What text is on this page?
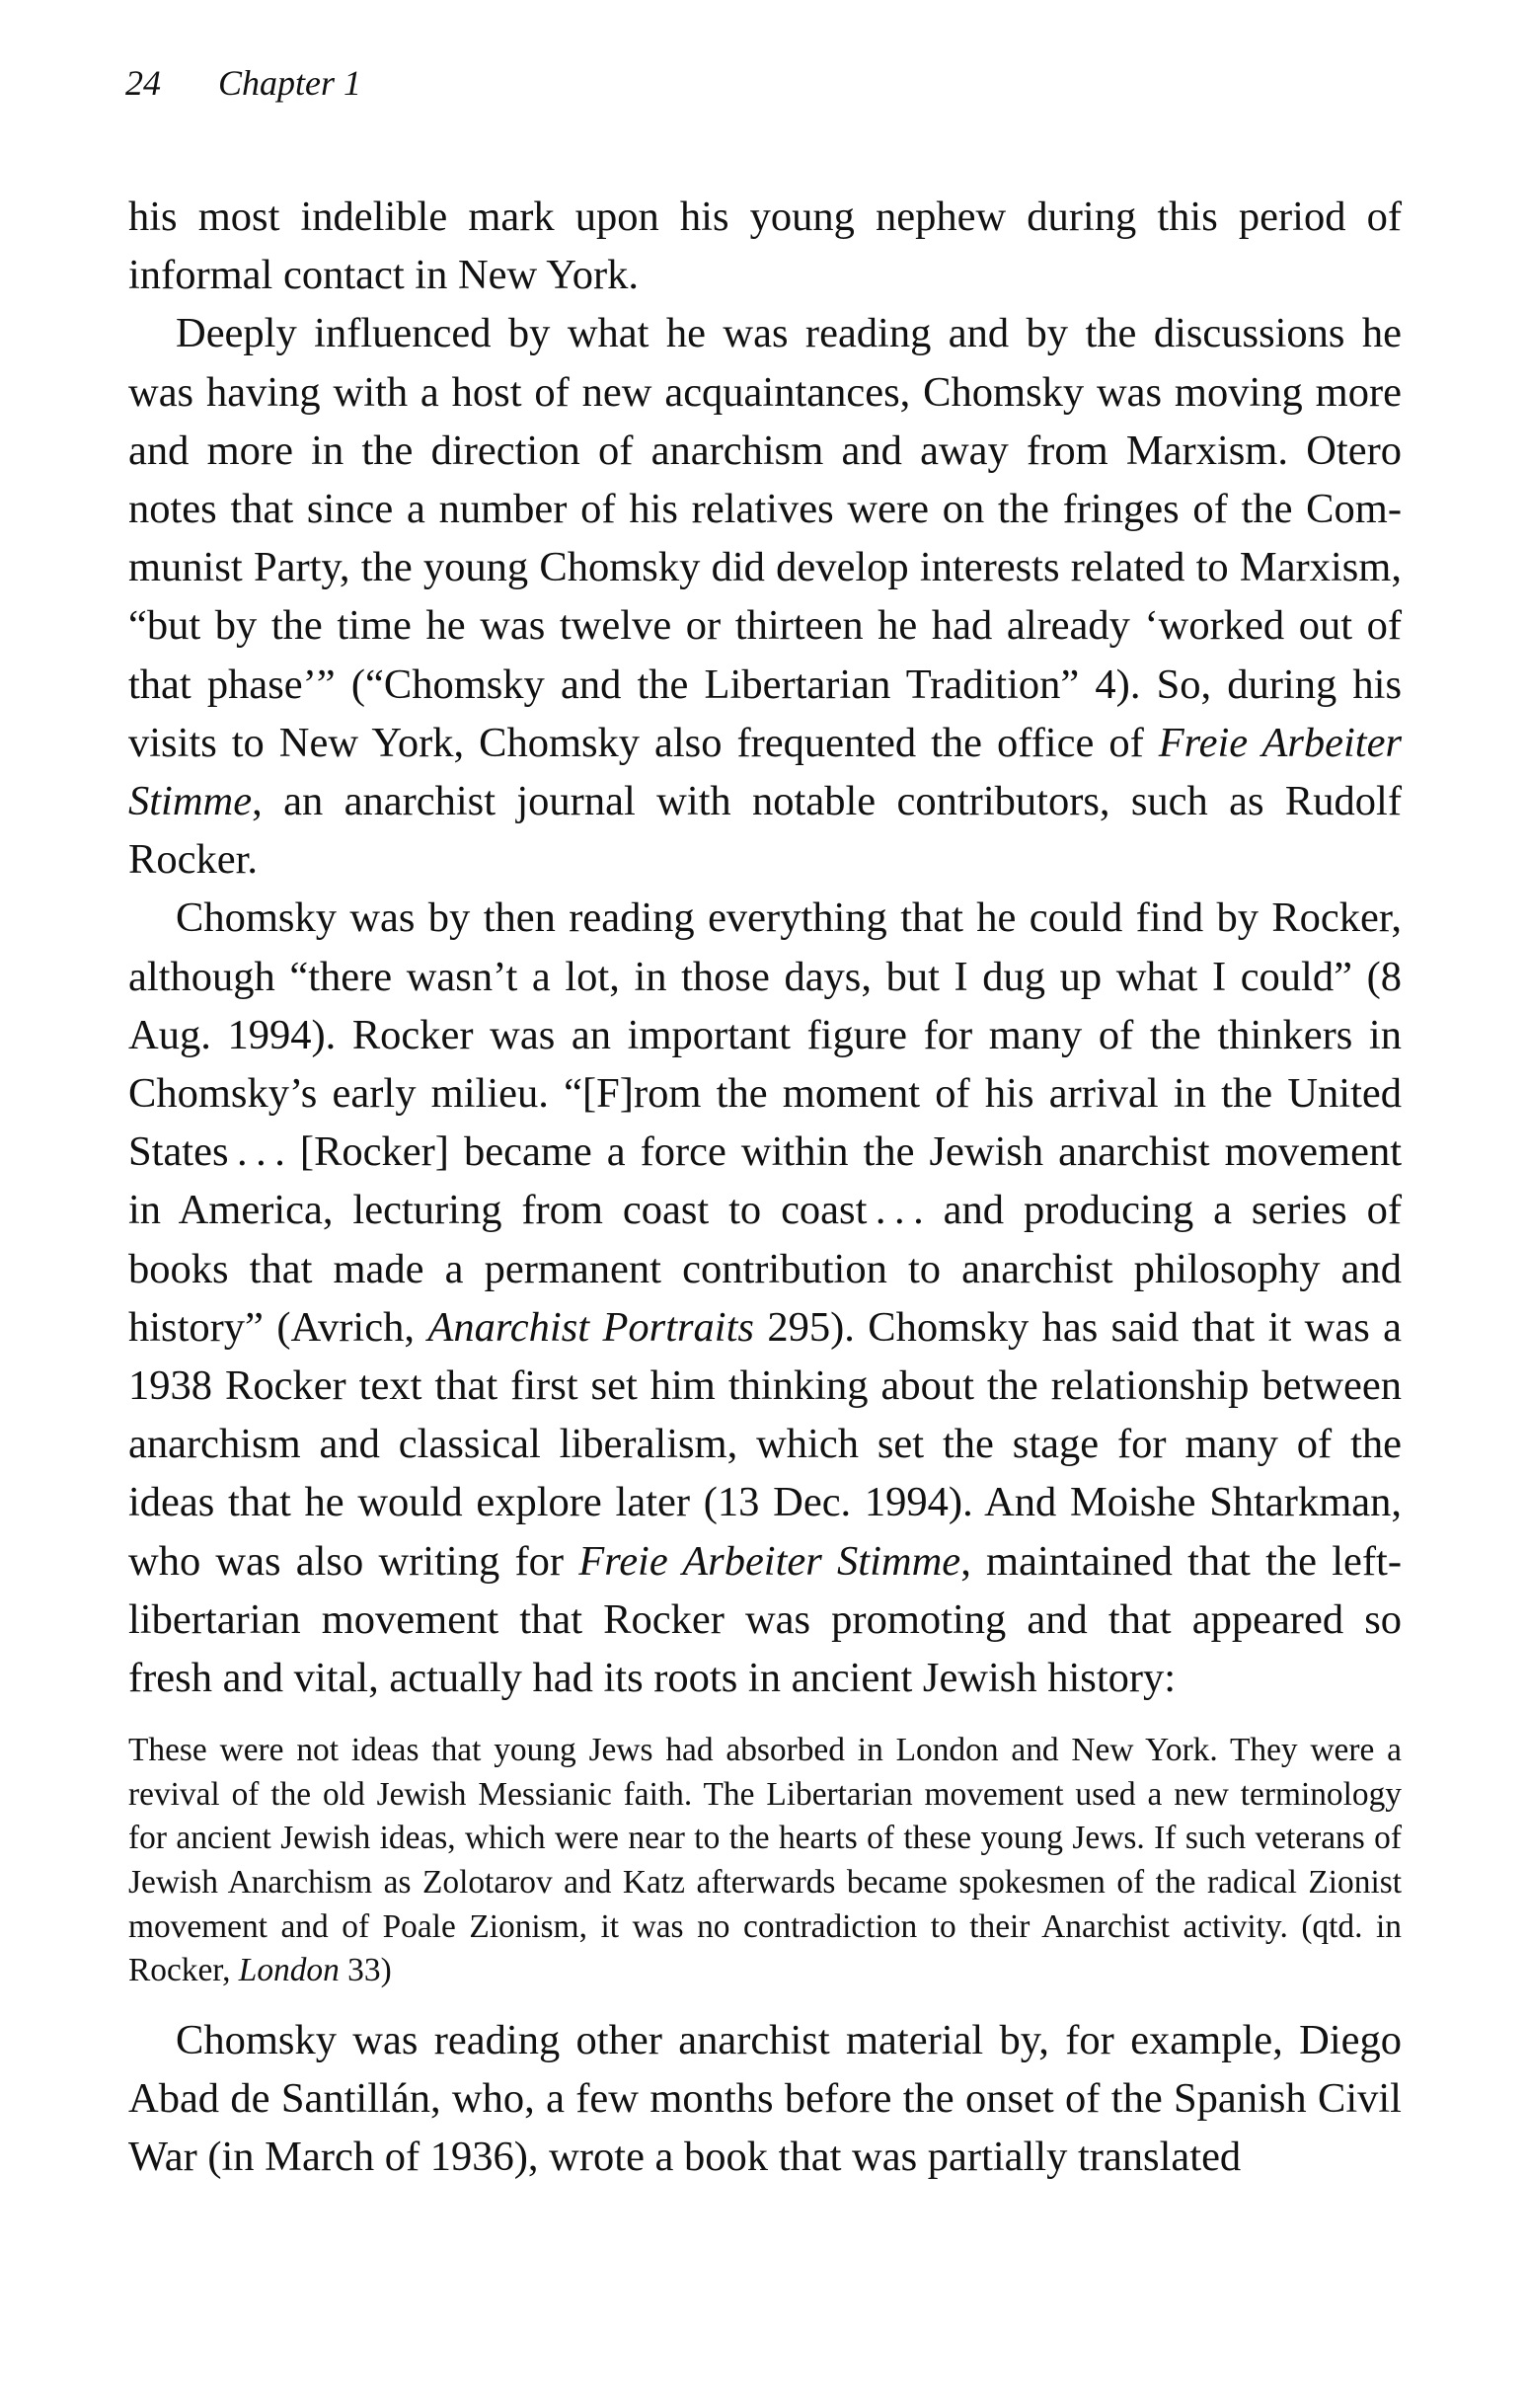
24 Chapter 1

his most indelible mark upon his young nephew during this period of informal contact in New York.

Deeply influenced by what he was reading and by the discussions he was having with a host of new acquaintances, Chomsky was moving more and more in the direction of anarchism and away from Marxism. Otero notes that since a number of his relatives were on the fringes of the Communist Party, the young Chomsky did develop interests related to Marxism, “but by the time he was twelve or thirteen he had already ‘worked out of that phase’” (“Chomsky and the Libertarian Tradition” 4). So, during his visits to New York, Chomsky also frequented the office of Freie Arbeiter Stimme, an anarchist journal with notable contributors, such as Rudolf Rocker.

Chomsky was by then reading everything that he could find by Rocker, although “there wasn’t a lot, in those days, but I dug up what I could” (8 Aug. 1994). Rocker was an important figure for many of the thinkers in Chomsky’s early milieu. “[F]rom the moment of his arrival in the United States . . . [Rocker] became a force within the Jewish anarchist movement in America, lecturing from coast to coast . . . and producing a series of books that made a permanent contribution to anarchist philosophy and history” (Avrich, Anarchist Portraits 295). Chomsky has said that it was a 1938 Rocker text that first set him thinking about the relationship between anarchism and classical liberalism, which set the stage for many of the ideas that he would explore later (13 Dec. 1994). And Moishe Shtarkman, who was also writing for Freie Arbeiter Stimme, maintained that the left-libertarian movement that Rocker was promoting and that appeared so fresh and vital, actually had its roots in ancient Jewish history:

These were not ideas that young Jews had absorbed in London and New York. They were a revival of the old Jewish Messianic faith. The Libertarian movement used a new terminology for ancient Jewish ideas, which were near to the hearts of these young Jews. If such veterans of Jewish Anarchism as Zolotarov and Katz afterwards became spokesmen of the radical Zionist movement and of Poale Zionism, it was no contradiction to their Anarchist activity. (qtd. in Rocker, London 33)

Chomsky was reading other anarchist material by, for example, Diego Abad de Santillán, who, a few months before the onset of the Spanish Civil War (in March of 1936), wrote a book that was partially translated
